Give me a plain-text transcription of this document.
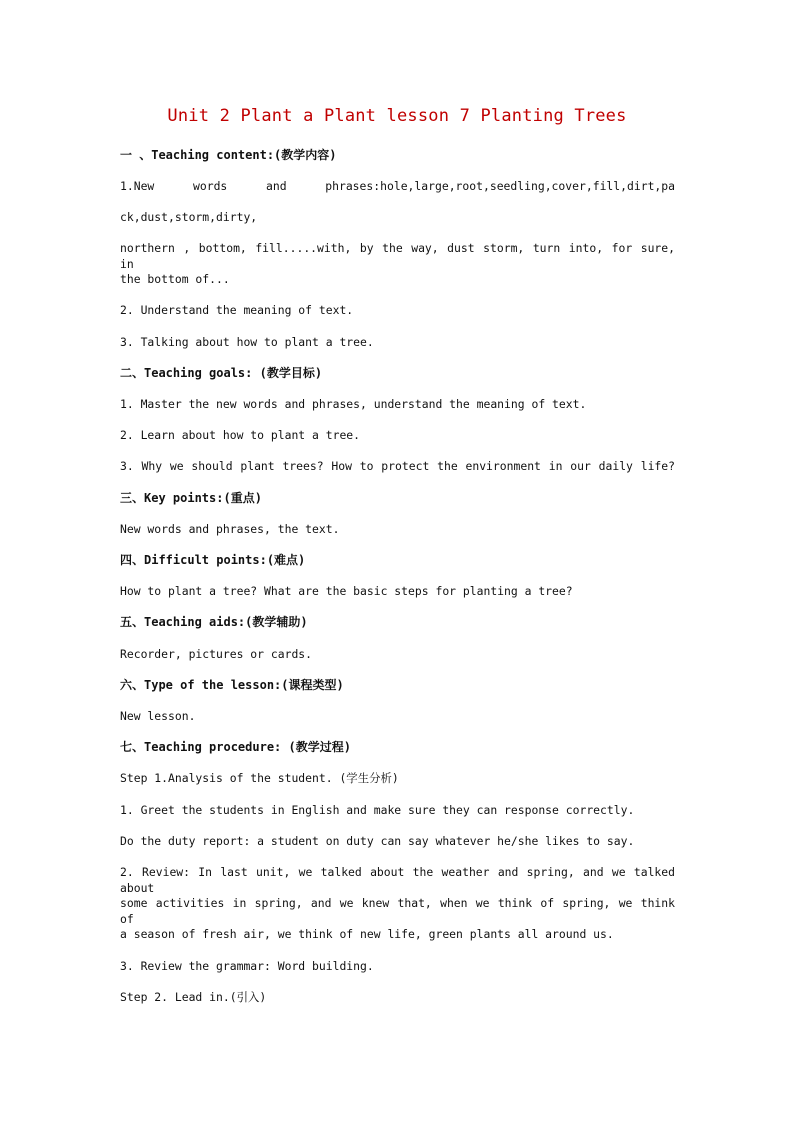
Unit 2 Plant a Plant lesson 7 Planting Trees
一 、Teaching content:(教学内容)
1.New words and phrases:hole,large,root,seedling,cover,fill,dirt,pa
ck,dust,storm,dirty,
northern , bottom, fill.....with, by the way, dust storm, turn into, for sure, in
the bottom of...
2. Understand the meaning of text.
3. Talking about how to plant a tree.
二、Teaching goals: (教学目标)
1. Master the new words and phrases, understand the meaning of text.
2. Learn about how to plant a tree.
3. Why we should plant trees? How to protect the environment in our daily life?
三、Key points:(重点)
New words and phrases, the text.
四、Difficult points:(难点)
How to plant a tree? What are the basic steps for planting a tree?
五、Teaching aids:(教学辅助)
Recorder, pictures or cards.
六、Type of the lesson:(课程类型)
New lesson.
七、Teaching procedure: (教学过程)
Step 1.Analysis of the student. (学生分析)
1. Greet the students in English and make sure they can response correctly.
Do the duty report: a student on duty can say whatever he/she likes to say.
2. Review: In last unit, we talked about the weather and spring, and we talked about
some activities in spring, and we knew that, when we think of spring, we think of
a season of fresh air, we think of new life, green plants all around us.
3. Review the grammar: Word building.
Step 2. Lead in.(引入)
